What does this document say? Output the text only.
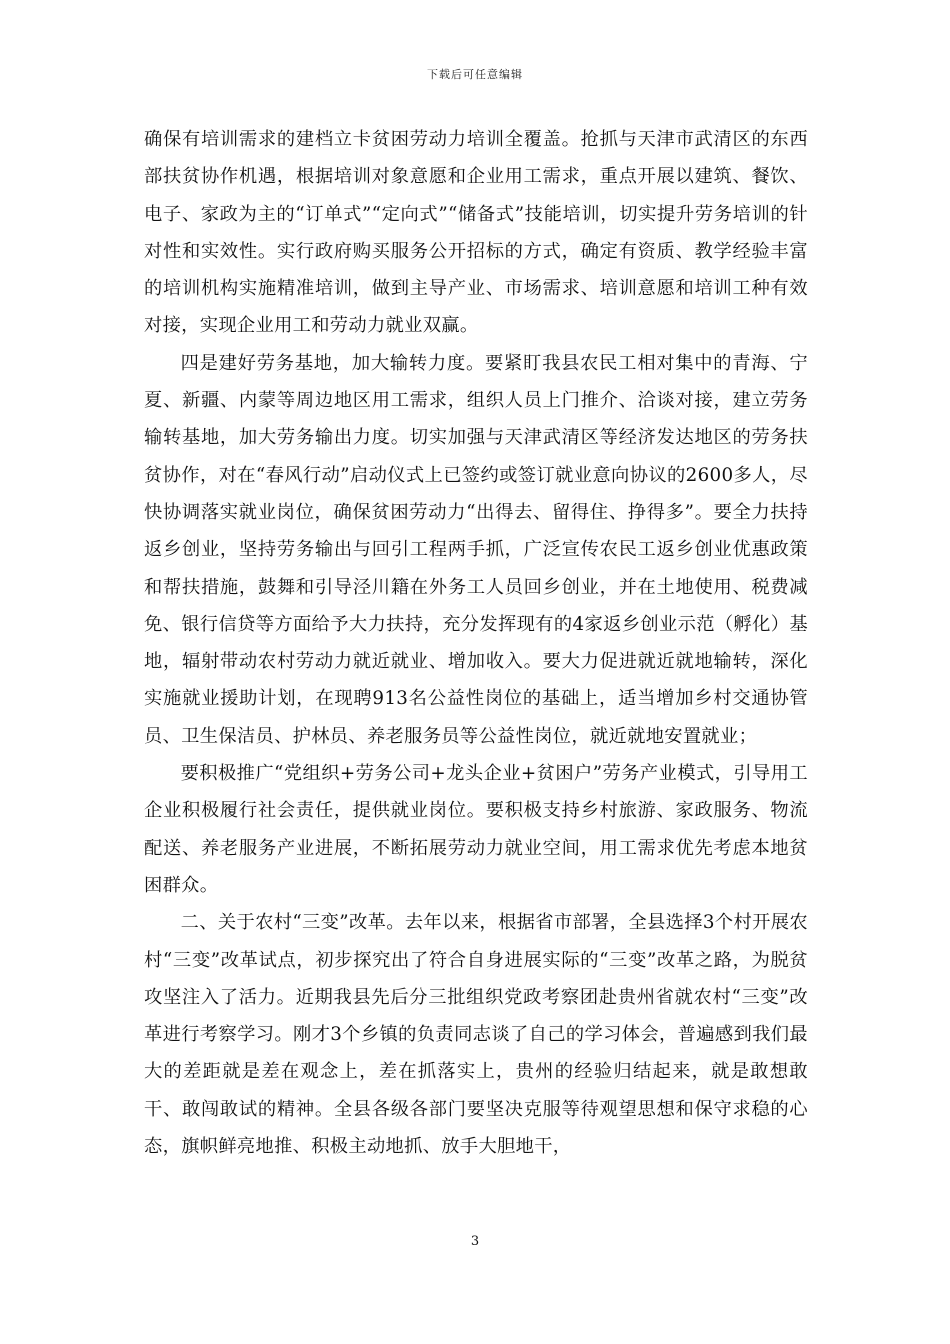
下载后可任意编辑

确保有培训需求的建档立卡贫困劳动力培训全覆盖。抢抓与天津市武清区的东西部扶贫协作机遇，根据培训对象意愿和企业用工需求，重点开展以建筑、餐饮、电子、家政为主的“订单式”“定向式”“储备式”技能培训，切实提升劳务培训的针对性和实效性。实行政府购买服务公开招标的方式，确定有资质、教学经验丰富的培训机构实施精准培训，做到主导产业、市场需求、培训意愿和培训工种有效对接，实现企业用工和劳动力就业双赢。

四是建好劳务基地，加大输转力度。要紧盯我县农民工相对集中的青海、宁夏、新疆、内蒙等周边地区用工需求，组织人员上门推介、洽谈对接，建立劳务输转基地，加大劳务输出力度。切实加强与天津武清区等经济发达地区的劳务扶贫协作，对在“春风行动”启动仪式上已签约或签订就业意向协议的2600多人，尽快协调落实就业岗位，确保贫困劳动力“出得去、留得住、挣得多”。要全力扶持返乡创业，坚持劳务输出与回引工程两手抓，广泛宣传农民工返乡创业优惠政策和帮扶措施，鼓舞和引导泾川籍在外务工人员回乡创业，并在土地使用、税费减免、银行信贷等方面给予大力扶持，充分发挥现有的4家返乡创业示范（孵化）基地，辐射带动农村劳动力就近就业、增加收入。要大力促进就近就地输转，深化实施就业援助计划，在现聘913名公益性岗位的基础上，适当增加乡村交通协管员、卫生保洁员、护林员、养老服务员等公益性岗位，就近就地安置就业；

要积极推广“党组织+劳务公司+龙头企业+贫困户”劳务产业模式，引导用工企业积极履行社会责任，提供就业岗位。要积极支持乡村旅游、家政服务、物流配送、养老服务产业进展，不断拓展劳动力就业空间，用工需求优先考虑本地贫困群众。

二、关于农村“三变”改革。去年以来，根据省市部署，全县选择3个村开展农村“三变”改革试点，初步探究出了符合自身进展实际的“三变”改革之路，为脱贫攻坚注入了活力。近期我县先后分三批组织党政考察团赴贵州省就农村“三变”改革进行考察学习。刚才3个乡镇的负责同志谈了自己的学习体会，普遍感到我们最大的差距就是差在观念上，差在抓落实上，贵州的经验归结起来，就是敢想敢干、敢闯敢试的精神。全县各级各部门要坚决克服等待观望思想和保守求稳的心态，旗帜鲜亮地推、积极主动地抓、放手大胆地干，

3
